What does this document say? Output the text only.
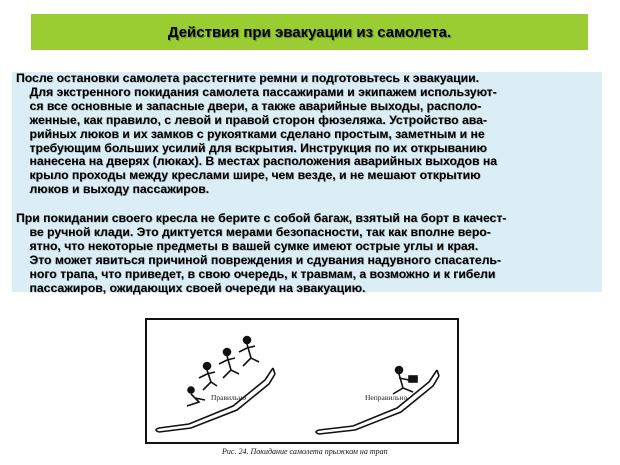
Действия при эвакуации из самолета.

После остановки самолета расстегните ремни и подготовьтесь к эвакуации.
Для экстренного покидания самолета пассажирами и экипажем используют-
ся все основные и запасные двери, а также аварийные выходы, располо-
женные, как правило, с левой и правой сторон фюзеляжа. Устройство ава-
рийных люков и их замков с рукоятками сделано простым, заметным и не
требующим больших усилий для вскрытия. Инструкция по их открыванию
нанесена на дверях (люках). В местах расположения аварийных выходов на
крыло проходы между креслами шире, чем везде, и не мешают открытию
люков и выходу пассажиров.

При покидании своего кресла не берите с собой багаж, взятый на борт в качест-
ве ручной клади. Это диктуется мерами безопасности, так как вполне веро-
ятно, что некоторые предметы в вашей сумке имеют острые углы и края.
Это может явиться причиной повреждения и сдувания надувного спасатель-
ного трапа, что приведет, в свою очередь, к травмам, а возможно и к гибели
пассажиров, ожидающих своей очереди на эвакуацию.

Правильно	Неправильно
Рис. 24. Покидание самолета прыжком на трап
